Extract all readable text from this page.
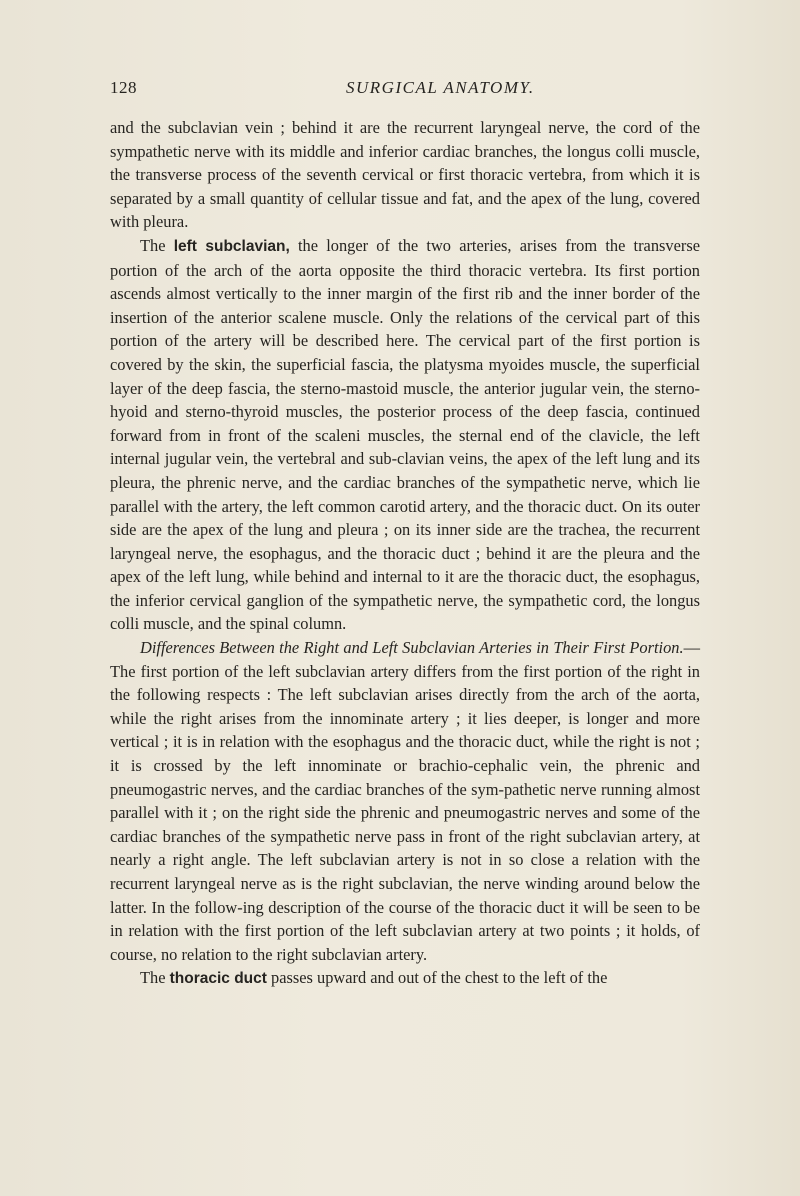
128	SURGICAL ANATOMY.

and the subclavian vein ; behind it are the recurrent laryngeal nerve, the cord of the sympathetic nerve with its middle and inferior cardiac branches, the longus colli muscle, the transverse process of the seventh cervical or first thoracic vertebra, from which it is separated by a small quantity of cellular tissue and fat, and the apex of the lung, covered with pleura.

The left subclavian, the longer of the two arteries, arises from the transverse portion of the arch of the aorta opposite the third thoracic vertebra. Its first portion ascends almost vertically to the inner margin of the first rib and the inner border of the insertion of the anterior scalene muscle. Only the relations of the cervical part of this portion of the artery will be described here. The cervical part of the first portion is covered by the skin, the superficial fascia, the platysma myoides muscle, the superficial layer of the deep fascia, the sterno-mastoid muscle, the anterior jugular vein, the sterno-hyoid and sterno-thyroid muscles, the posterior process of the deep fascia, continued forward from in front of the scaleni muscles, the sternal end of the clavicle, the left internal jugular vein, the vertebral and sub-clavian veins, the apex of the left lung and its pleura, the phrenic nerve, and the cardiac branches of the sympathetic nerve, which lie parallel with the artery, the left common carotid artery, and the thoracic duct. On its outer side are the apex of the lung and pleura ; on its inner side are the trachea, the recurrent laryngeal nerve, the esophagus, and the thoracic duct ; behind it are the pleura and the apex of the left lung, while behind and internal to it are the thoracic duct, the esophagus, the inferior cervical ganglion of the sympathetic nerve, the sympathetic cord, the longus colli muscle, and the spinal column.

Differences Between the Right and Left Subclavian Arteries in Their First Portion.—The first portion of the left subclavian artery differs from the first portion of the right in the following respects : The left subclavian arises directly from the arch of the aorta, while the right arises from the innominate artery ; it lies deeper, is longer and more vertical ; it is in relation with the esophagus and the thoracic duct, while the right is not ; it is crossed by the left innominate or brachio-cephalic vein, the phrenic and pneumogastric nerves, and the cardiac branches of the sym-pathetic nerve running almost parallel with it ; on the right side the phrenic and pneumogastric nerves and some of the cardiac branches of the sympathetic nerve pass in front of the right subclavian artery, at nearly a right angle. The left subclavian artery is not in so close a relation with the recurrent laryngeal nerve as is the right subclavian, the nerve winding around below the latter. In the follow-ing description of the course of the thoracic duct it will be seen to be in relation with the first portion of the left subclavian artery at two points ; it holds, of course, no relation to the right subclavian artery.

The thoracic duct passes upward and out of the chest to the left of the
